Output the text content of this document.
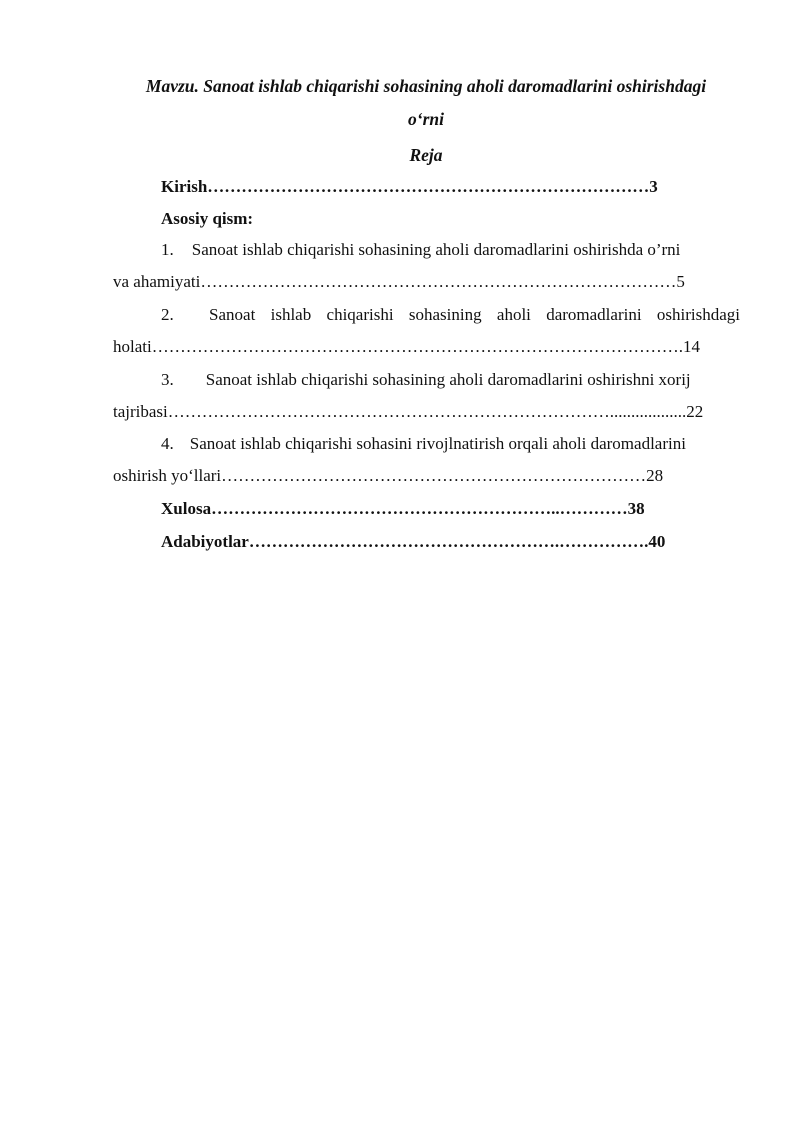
Mavzu. Sanoat ishlab chiqarishi sohasining aholi daromadlarini oshirishdagi
o‘rni
Reja
Kirish……………………………………………………………………3
Asosiy qism:
1. Sanoat ishlab chiqarishi sohasining aholi daromadlarini oshirishda o’rni
va ahamiyati…………………………………………………………………………5
2. Sanoat ishlab chiqarishi sohasining aholi daromadlarini oshirishdagi
holati………………………………………………………………………………….14
3. Sanoat ishlab chiqarishi sohasining aholi daromadlarini oshirishni xorij
tajribasi……………………………………………………………………..................22
4. Sanoat ishlab chiqarishi sohasini rivojlnatirish orqali aholi daromadlarini
oshirish yo‘llari…………………………………………………………………28
Xulosa……………………………………………………..…………38
Adabiyotlar……………………………………………….…………….40
